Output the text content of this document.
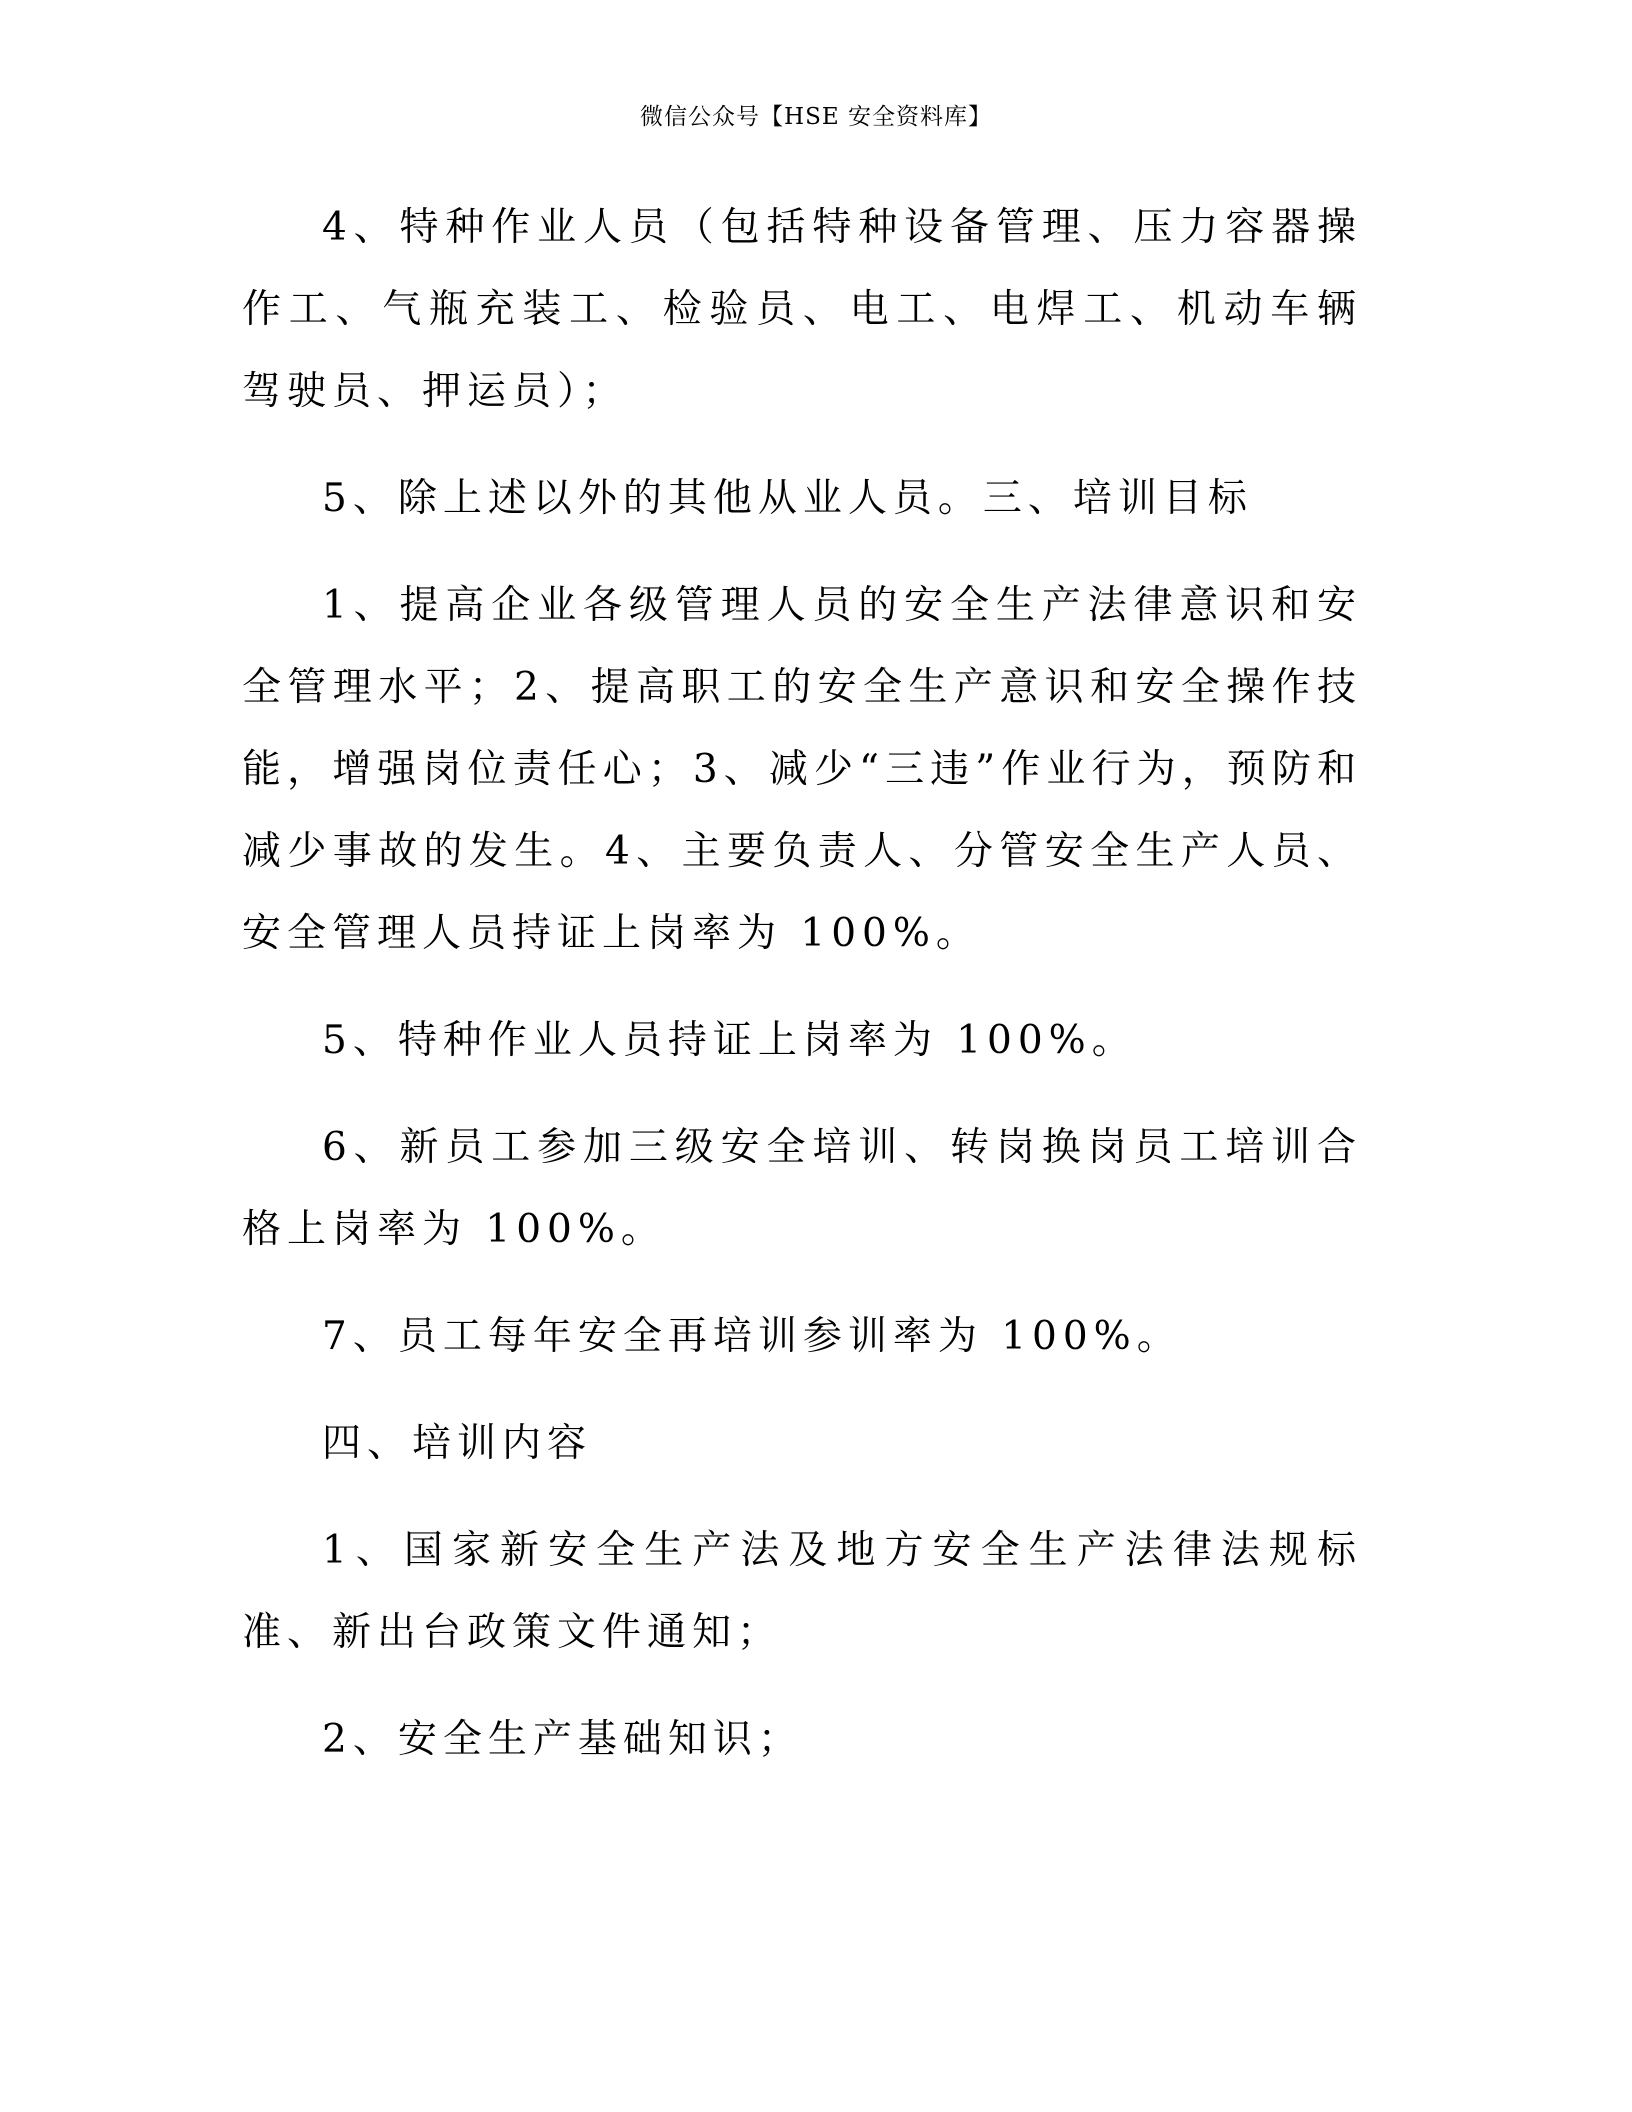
微信公众号【HSE 安全资料库】

4、特种作业人员（包括特种设备管理、压力容器操作工、气瓶充装工、检验员、电工、电焊工、机动车辆驾驶员、押运员）；

5、除上述以外的其他从业人员。三、培训目标

1、提高企业各级管理人员的安全生产法律意识和安全管理水平；2、提高职工的安全生产意识和安全操作技能，增强岗位责任心；3、减少“三违”作业行为，预防和减少事故的发生。4、主要负责人、分管安全生产人员、安全管理人员持证上岗率为 100%。

5、特种作业人员持证上岗率为 100%。

6、新员工参加三级安全培训、转岗换岗员工培训合格上岗率为 100%。

7、员工每年安全再培训参训率为 100%。

四、培训内容

1、国家新安全生产法及地方安全生产法律法规标准、新出台政策文件通知；

2、安全生产基础知识；
